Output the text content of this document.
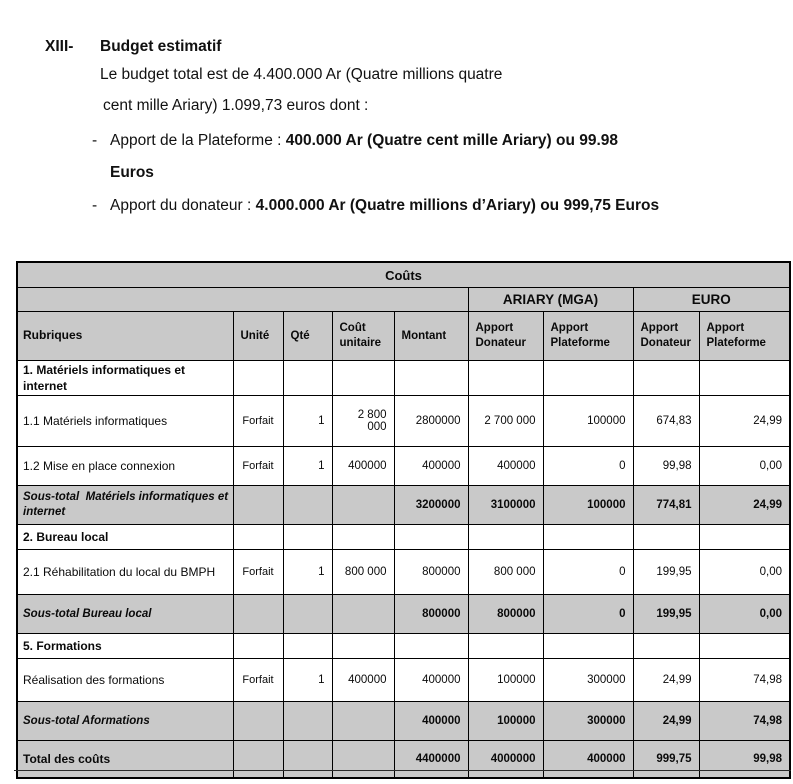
XIII- Budget estimatif
Le budget total est de 4.400.000 Ar (Quatre millions quatre
cent mille Ariary) 1.099,73 euros dont :
- Apport de la Plateforme : 400.000 Ar (Quatre cent mille Ariary) ou 99.98
Euros
- Apport du donateur : 4.000.000 Ar (Quatre millions d’Ariary) ou 999,75 Euros
Coûts								
					ARIARY (MGA)		EURO	
Rubriques	Unité	Qté	Coût unitaire	Montant	Apport Donateur	Apport Plateforme	Apport Donateur	Apport Plateforme
1. Matériels informatiques et internet								
1.1 Matériels informatiques	Forfait	1	2 800 000	2800000	2 700 000	100000	674,83	24,99
1.2 Mise en place connexion	Forfait	1	400000	400000	400000	0	99,98	0,00
Sous-total  Matériels informatiques et internet				3200000	3100000	100000	774,81	24,99
2. Bureau local								
2.1 Réhabilitation du local du BMPH	Forfait	1	800 000	800000	800 000	0	199,95	0,00
Sous-total Bureau local				800000	800000	0	199,95	0,00
5. Formations								
Réalisation des formations	Forfait	1	400000	400000	100000	300000	24,99	74,98
Sous-total Aformations				400000	100000	300000	24,99	74,98
Total des coûts				4400000	4000000	400000	999,75	99,98
